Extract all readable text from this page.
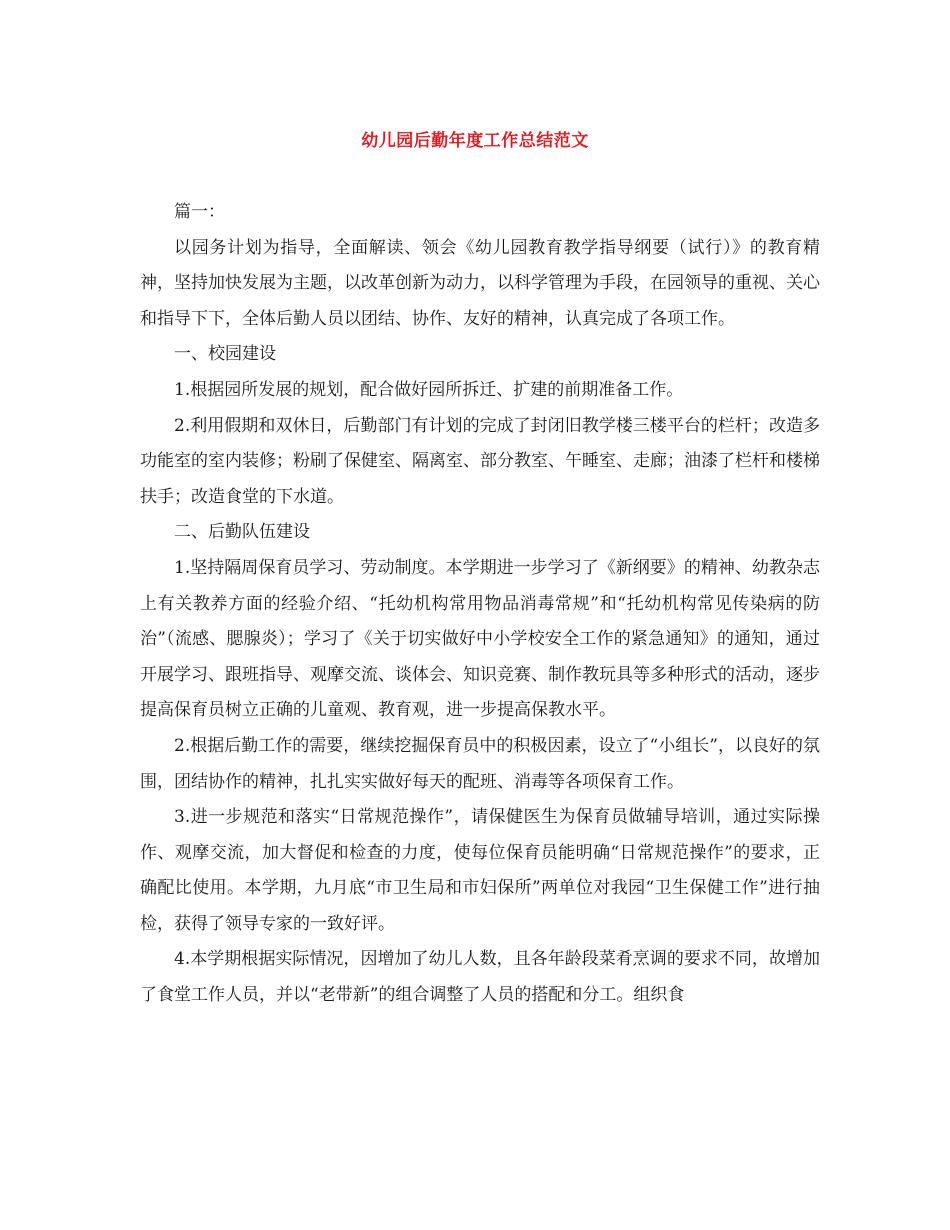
幼儿园后勤年度工作总结范文

篇一：

以园务计划为指导，全面解读、领会《幼儿园教育教学指导纲要（试行）》的教育精神，坚持加快发展为主题，以改革创新为动力，以科学管理为手段，在园领导的重视、关心和指导下下，全体后勤人员以团结、协作、友好的精神，认真完成了各项工作。

一、校园建设

1.根据园所发展的规划，配合做好园所拆迁、扩建的前期准备工作。

2.利用假期和双休日，后勤部门有计划的完成了封闭旧教学楼三楼平台的栏杆；改造多功能室的室内装修；粉刷了保健室、隔离室、部分教室、午睡室、走廊；油漆了栏杆和楼梯扶手；改造食堂的下水道。

二、后勤队伍建设

1.坚持隔周保育员学习、劳动制度。本学期进一步学习了《新纲要》的精神、幼教杂志上有关教养方面的经验介绍、“托幼机构常用物品消毒常规”和“托幼机构常见传染病的防治”（流感、腮腺炎）；学习了《关于切实做好中小学校安全工作的紧急通知》的通知，通过开展学习、跟班指导、观摩交流、谈体会、知识竞赛、制作教玩具等多种形式的活动，逐步提高保育员树立正确的儿童观、教育观，进一步提高保教水平。

2.根据后勤工作的需要，继续挖掘保育员中的积极因素，设立了“小组长”，以良好的氛围，团结协作的精神，扎扎实实做好每天的配班、消毒等各项保育工作。

3.进一步规范和落实“日常规范操作”，请保健医生为保育员做辅导培训，通过实际操作、观摩交流，加大督促和检查的力度，使每位保育员能明确“日常规范操作”的要求，正确配比使用。本学期，九月底“市卫生局和市妇保所”两单位对我园“卫生保健工作”进行抽检，获得了领导专家的一致好评。

4.本学期根据实际情况，因增加了幼儿人数，且各年龄段菜肴烹调的要求不同，故增加了食堂工作人员，并以“老带新”的组合调整了人员的搭配和分工。组织食
